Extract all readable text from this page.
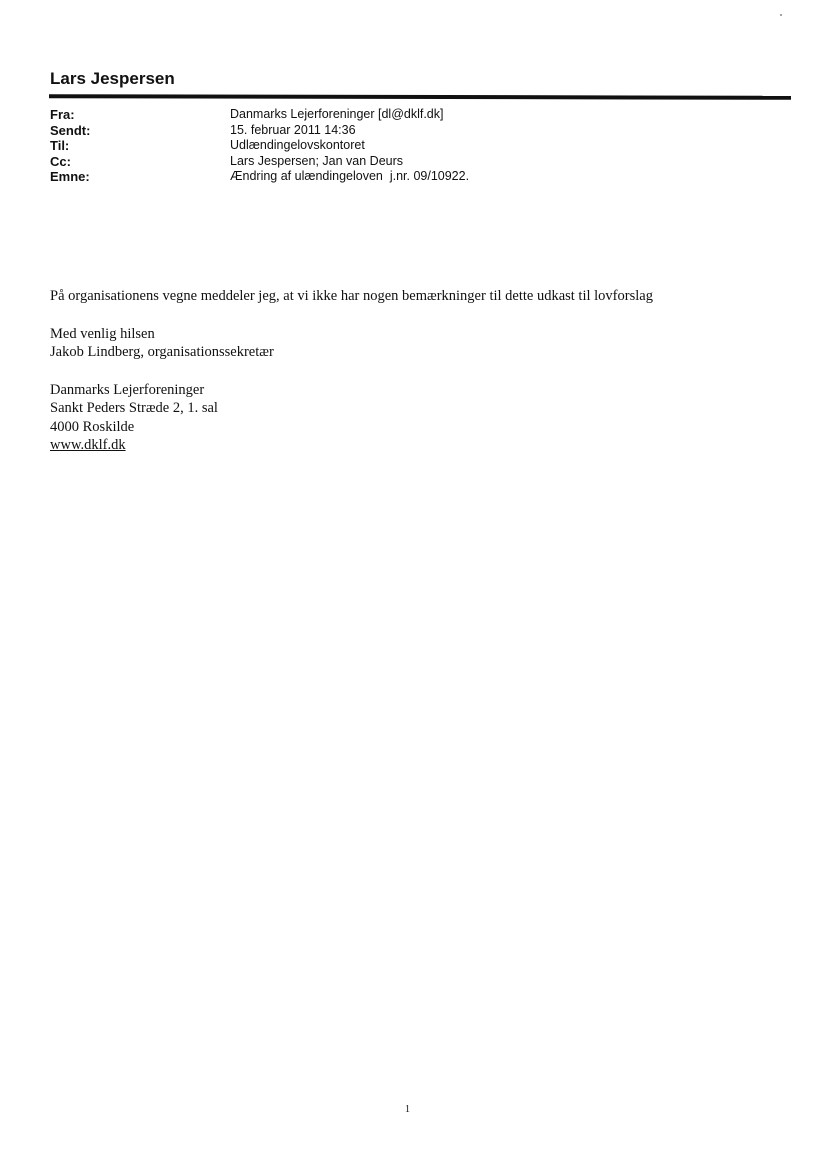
Lars Jespersen
Fra:	Danmarks Lejerforeninger [dl@dklf.dk]
Sendt:	15. februar 2011 14:36
Til:	Udlændingelovskontoret
Cc:	Lars Jespersen; Jan van Deurs
Emne:	Ændring af ulændingeloven  j.nr. 09/10922.

På organisationens vegne meddeler jeg, at vi ikke har nogen bemærkninger til dette udkast til lovforslag

Med venlig hilsen

Jakob Lindberg, organisationssekretær

Danmarks Lejerforeninger

Sankt Peders Stræde 2, 1. sal

4000 Roskilde

www.dklf.dk

1
